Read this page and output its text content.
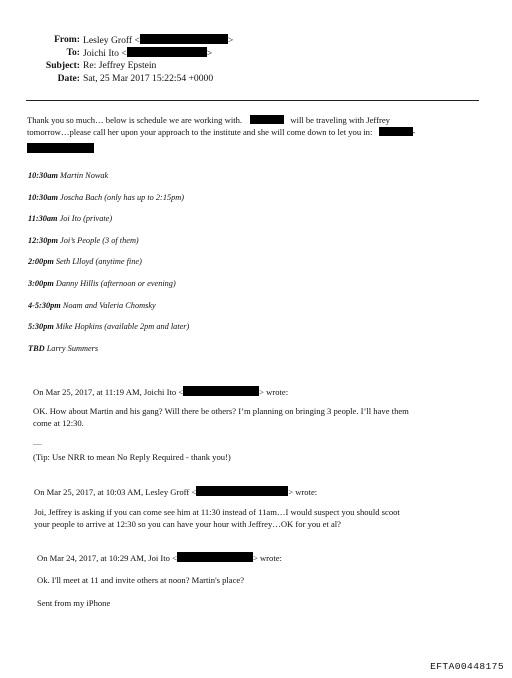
From: Lesley Groff <	>
To: Joichi Ito <	>
Subject: Re: Jeffrey Epstein
Date: Sat, 25 Mar 2017 15:22:54 +0000
Thank you so much… below is schedule we are working with.	will be traveling with Jeffrey
tomorrow…please call her upon your approach to the institute and she will come down to let you in:	-
10:30am Martin Nowak
10:30am Joscha Bach (only has up to 2:15pm)
11:30am Joi Ito (private)
12:30pm Joi’s People (3 of them)
2:00pm Seth Llloyd (anytime fine)
3:00pm Danny Hillis (afternoon or evening)
4-5:30pm Noam and Valeria Chomsky
5:30pm Mike Hopkins (available 2pm and later)
TBD Larry Summers
On Mar 25, 2017, at 11:19 AM, Joichi Ito <	> wrote:
OK. How about Martin and his gang? Will there be others? I’m planning on bringing 3 people. I’ll have them
come at 12:30.
—
(Tip: Use NRR to mean No Reply Required - thank you!)
On Mar 25, 2017, at 10:03 AM, Lesley Groff <	> wrote:
Joi, Jeffrey is asking if you can come see him at 11:30 instead of 11am…I would suspect you should scoot
your people to arrive at 12:30 so you can have your hour with Jeffrey…OK for you et al?
On Mar 24, 2017, at 10:29 AM, Joi Ito <	> wrote:
Ok. I'll meet at 11 and invite others at noon? Martin's place?
Sent from my iPhone
EFTA00448175
